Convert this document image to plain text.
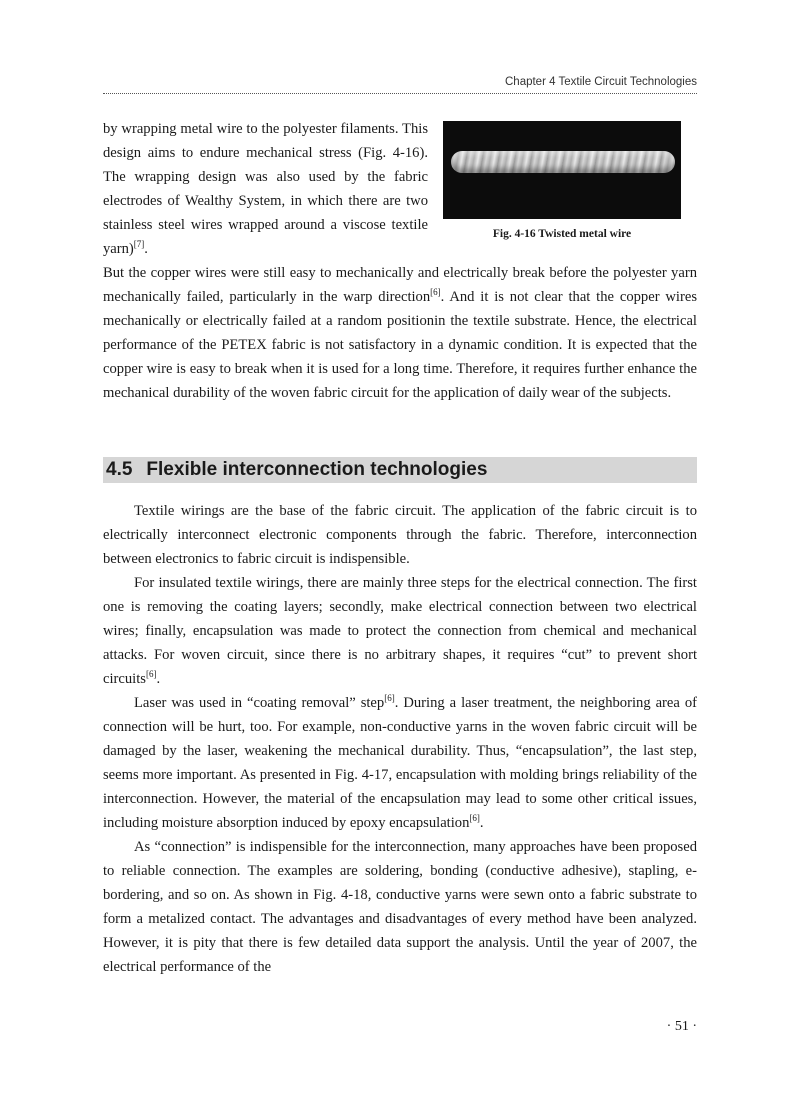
Chapter 4 Textile Circuit Technologies

by wrapping metal wire to the polyester filaments. This design aims to endure mechanical stress (Fig. 4-16). The wrapping design was also used by the fabric electrodes of Wealthy System, in which there are two stainless steel wires wrapped around a viscose textile yarn)[7].

Fig. 4-16 Twisted metal wire

But the copper wires were still easy to mechanically and electrically break before the polyester yarn mechanically failed, particularly in the warp direction[6]. And it is not clear that the copper wires mechanically or electrically failed at a random positionin the textile substrate. Hence, the electrical performance of the PETEX fabric is not satisfactory in a dynamic condition. It is expected that the copper wire is easy to break when it is used for a long time. Therefore, it requires further enhance the mechanical durability of the woven fabric circuit for the application of daily wear of the subjects.

4.5 Flexible interconnection technologies

Textile wirings are the base of the fabric circuit. The application of the fabric circuit is to electrically interconnect electronic components through the fabric. Therefore, interconnection between electronics to fabric circuit is indispensible.

For insulated textile wirings, there are mainly three steps for the electrical connection. The first one is removing the coating layers; secondly, make electrical connection between two electrical wires; finally, encapsulation was made to protect the connection from chemical and mechanical attacks. For woven circuit, since there is no arbitrary shapes, it requires “cut” to prevent short circuits[6].

Laser was used in “coating removal” step[6]. During a laser treatment, the neighboring area of connection will be hurt, too. For example, non-conductive yarns in the woven fabric circuit will be damaged by the laser, weakening the mechanical durability. Thus, “encapsulation”, the last step, seems more important. As presented in Fig. 4-17, encapsulation with molding brings reliability of the interconnection. However, the material of the encapsulation may lead to some other critical issues, including moisture absorption induced by epoxy encapsulation[6].

As “connection” is indispensible for the interconnection, many approaches have been proposed to reliable connection. The examples are soldering, bonding (conductive adhesive), stapling, e-bordering, and so on. As shown in Fig. 4-18, conductive yarns were sewn onto a fabric substrate to form a metalized contact. The advantages and disadvantages of every method have been analyzed. However, it is pity that there is few detailed data support the analysis. Until the year of 2007, the electrical performance of the

· 51 ·
